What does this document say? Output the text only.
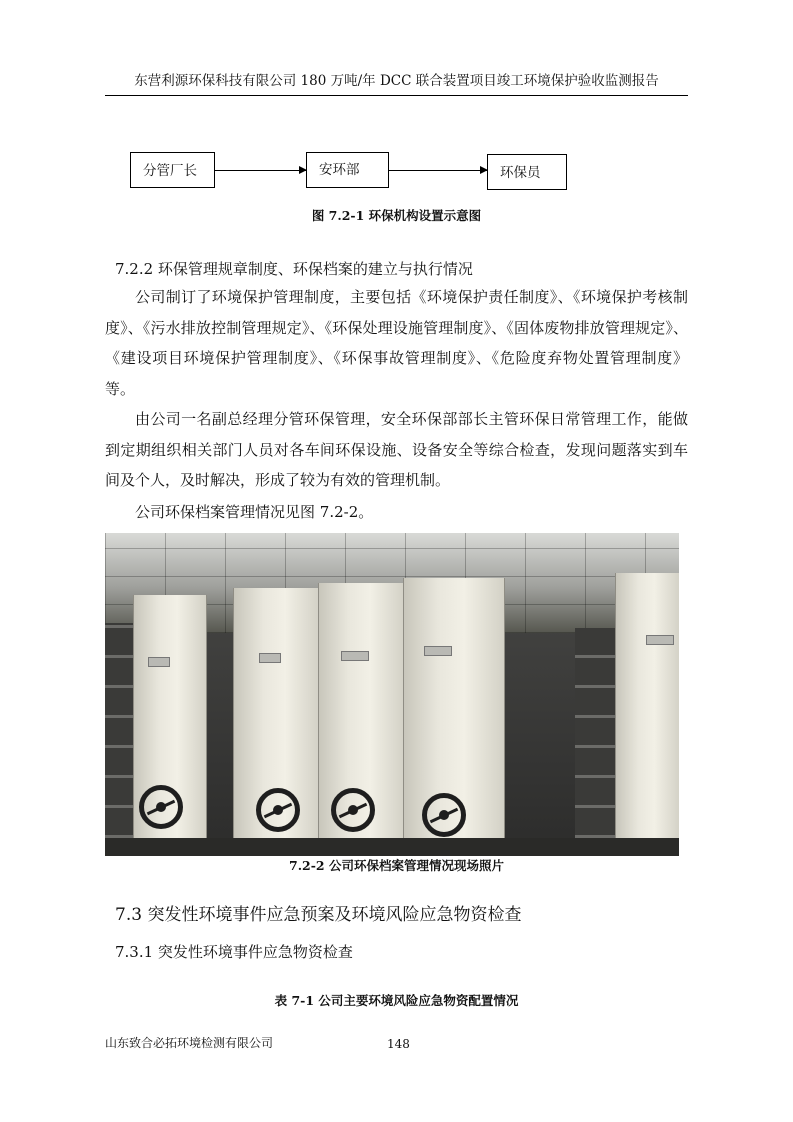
东营利源环保科技有限公司 180 万吨/年 DCC 联合装置项目竣工环境保护验收监测报告
分管厂长	安环部	环保员
图 7.2-1 环保机构设置示意图
7.2.2 环保管理规章制度、环保档案的建立与执行情况

公司制订了环境保护管理制度，主要包括《环境保护责任制度》、《环境保护考核制度》、《污水排放控制管理规定》、《环保处理设施管理制度》、《固体废物排放管理规定》、《建设项目环境保护管理制度》、《环保事故管理制度》、《危险度弃物处置管理制度》等。

由公司一名副总经理分管环保管理，安全环保部部长主管环保日常管理工作，能做到定期组织相关部门人员对各车间环保设施、设备安全等综合检查，发现问题落实到车间及个人，及时解决，形成了较为有效的管理机制。

公司环保档案管理情况见图 7.2-2。

7.2-2 公司环保档案管理情况现场照片
7.3 突发性环境事件应急预案及环境风险应急物资检查
7.3.1 突发性环境事件应急物资检查
表 7-1 公司主要环境风险应急物资配置情况
山东致合必拓环境检测有限公司	148
